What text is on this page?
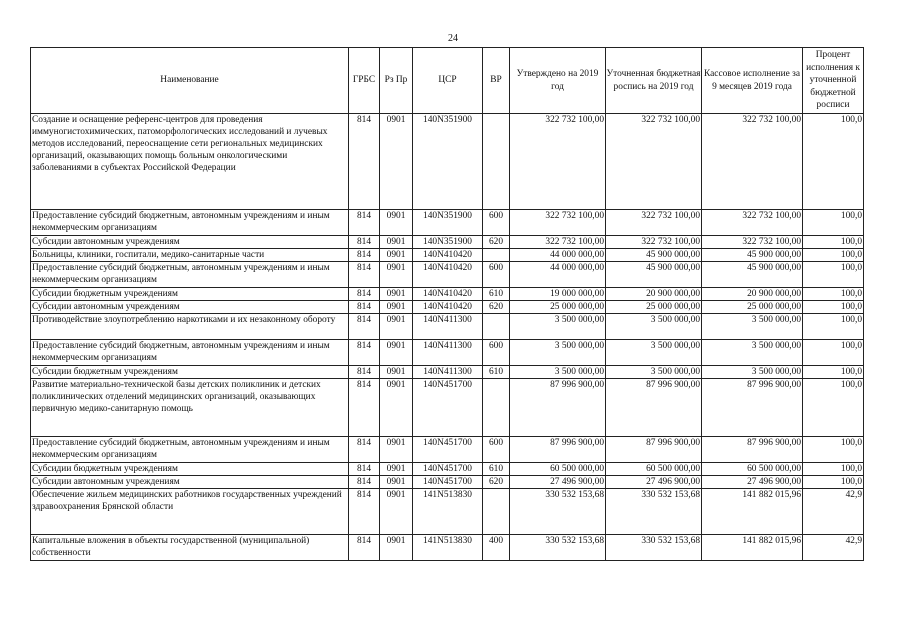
24
Наименование	ГРБС	Рз Пр	ЦСР	ВР	Утверждено на 2019 год	Уточненная бюджетная роспись на 2019 год	Кассовое исполнение за 9 месяцев 2019 года	Процент исполнения к уточненной бюджетной росписи
Создание и оснащение референс-центров для проведения иммуногистохимических, патоморфологических исследований и лучевых методов исследований, переоснащение сети региональных медицинских организаций, оказывающих помощь больным онкологическими заболеваниями в субъектах Российской Федерации	814	0901	140N351900		322 732 100,00	322 732 100,00	322 732 100,00	100,0
Предоставление субсидий бюджетным, автономным учреждениям и иным некоммерческим организациям	814	0901	140N351900	600	322 732 100,00	322 732 100,00	322 732 100,00	100,0
Субсидии автономным учреждениям	814	0901	140N351900	620	322 732 100,00	322 732 100,00	322 732 100,00	100,0
Больницы, клиники, госпитали, медико-санитарные части	814	0901	140N410420		44 000 000,00	45 900 000,00	45 900 000,00	100,0
Предоставление субсидий бюджетным, автономным учреждениям и иным некоммерческим организациям	814	0901	140N410420	600	44 000 000,00	45 900 000,00	45 900 000,00	100,0
Субсидии бюджетным учреждениям	814	0901	140N410420	610	19 000 000,00	20 900 000,00	20 900 000,00	100,0
Субсидии автономным учреждениям	814	0901	140N410420	620	25 000 000,00	25 000 000,00	25 000 000,00	100,0
Противодействие злоупотреблению наркотиками и их незаконному обороту	814	0901	140N411300		3 500 000,00	3 500 000,00	3 500 000,00	100,0
Предоставление субсидий бюджетным, автономным учреждениям и иным некоммерческим организациям	814	0901	140N411300	600	3 500 000,00	3 500 000,00	3 500 000,00	100,0
Субсидии бюджетным учреждениям	814	0901	140N411300	610	3 500 000,00	3 500 000,00	3 500 000,00	100,0
Развитие материально-технической базы детских поликлиник и детских поликлинических отделений медицинских организаций, оказывающих первичную медико-санитарную помощь	814	0901	140N451700		87 996 900,00	87 996 900,00	87 996 900,00	100,0
Предоставление субсидий бюджетным, автономным учреждениям и иным некоммерческим организациям	814	0901	140N451700	600	87 996 900,00	87 996 900,00	87 996 900,00	100,0
Субсидии бюджетным учреждениям	814	0901	140N451700	610	60 500 000,00	60 500 000,00	60 500 000,00	100,0
Субсидии автономным учреждениям	814	0901	140N451700	620	27 496 900,00	27 496 900,00	27 496 900,00	100,0
Обеспечение жильем медицинских работников государственных учреждений здравоохранения Брянской области	814	0901	141N513830		330 532 153,68	330 532 153,68	141 882 015,96	42,9
Капитальные вложения в объекты государственной (муниципальной) собственности	814	0901	141N513830	400	330 532 153,68	330 532 153,68	141 882 015,96	42,9
